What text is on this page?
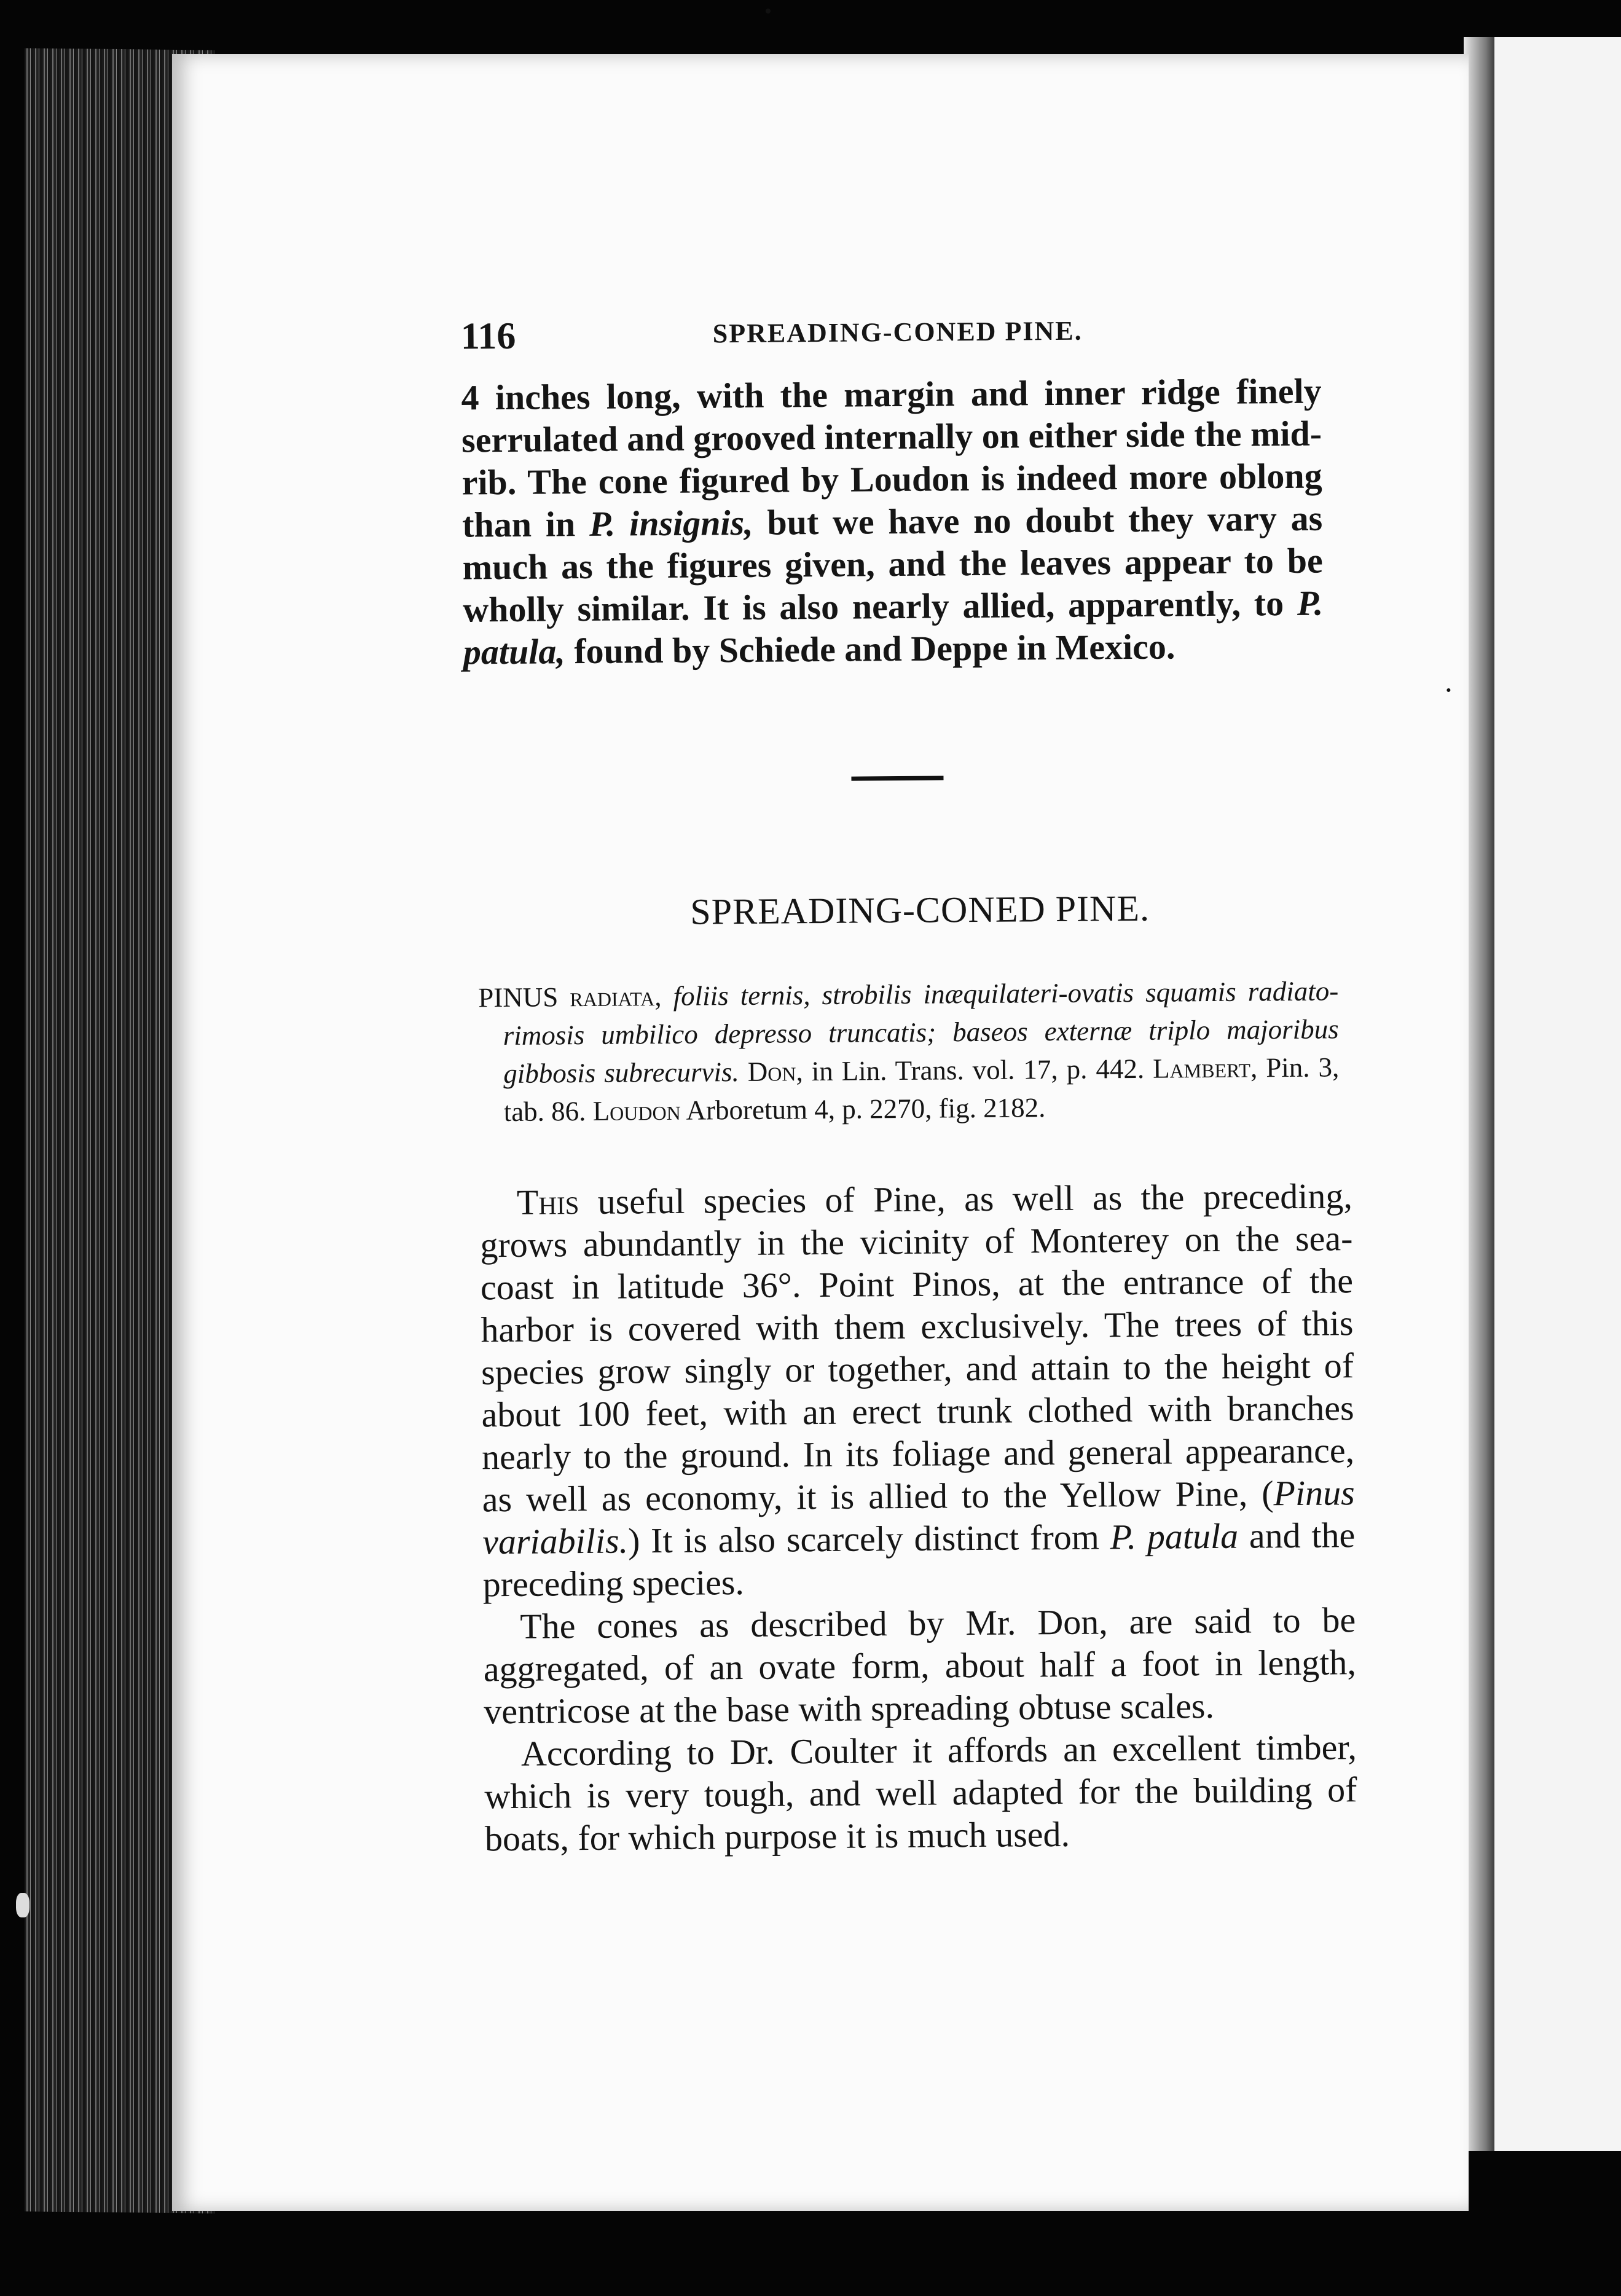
116	SPREADING-CONED PINE.
4 inches long, with the margin and inner ridge finely serrulated and grooved internally on either side the mid-rib. The cone figured by Loudon is indeed more oblong than in P. insignis, but we have no doubt they vary as much as the figures given, and the leaves appear to be wholly similar. It is also nearly allied, apparently, to P. patula, found by Schiede and Deppe in Mexico.
SPREADING-CONED PINE.

PINUS radiata, foliis ternis, strobilis inæquilateri-ovatis squamis radiato-rimosis umbilico depresso truncatis; baseos externæ triplo majoribus gibbosis subrecurvis. Don, in Lin. Trans. vol. 17, p. 442. Lambert, Pin. 3, tab. 86. Loudon Arboretum 4, p. 2270, fig. 2182.

This useful species of Pine, as well as the preceding, grows abundantly in the vicinity of Monterey on the sea-coast in latitude 36°. Point Pinos, at the entrance of the harbor is covered with them exclusively. The trees of this species grow singly or together, and attain to the height of about 100 feet, with an erect trunk clothed with branches nearly to the ground. In its foliage and general appearance, as well as economy, it is allied to the Yellow Pine, (Pinus variabilis.) It is also scarcely distinct from P. patula and the preceding species.

The cones as described by Mr. Don, are said to be aggregated, of an ovate form, about half a foot in length, ventricose at the base with spreading obtuse scales.

According to Dr. Coulter it affords an excellent timber, which is very tough, and well adapted for the building of boats, for which purpose it is much used.
